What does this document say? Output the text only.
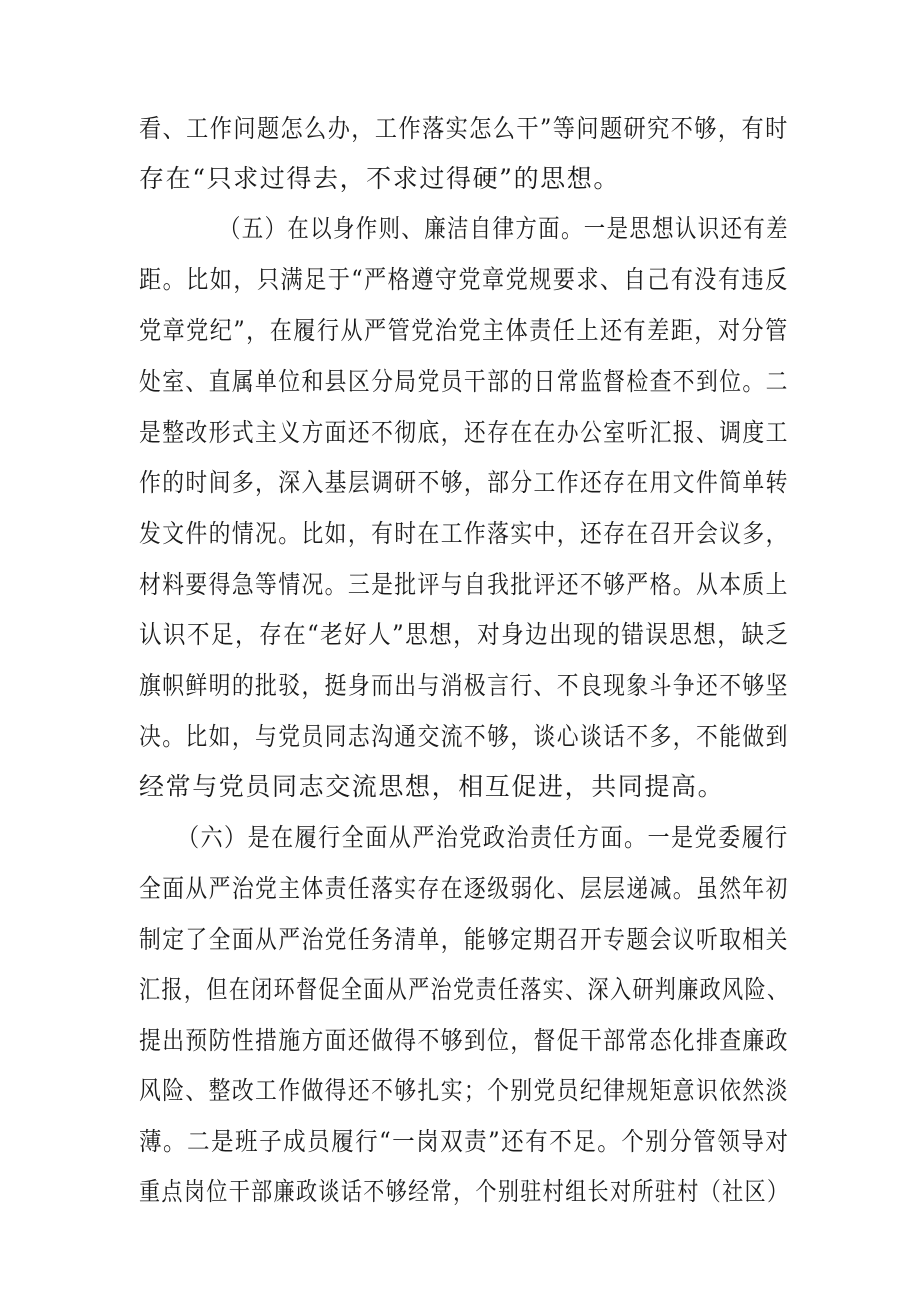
看、工作问题怎么办，工作落实怎么干”等问题研究不够，有时
存在“只求过得去，不求过得硬”的思想。
（五）在以身作则、廉洁自律方面。一是思想认识还有差
距。比如，只满足于“严格遵守党章党规要求、自己有没有违反
党章党纪”，在履行从严管党治党主体责任上还有差距，对分管
处室、直属单位和县区分局党员干部的日常监督检查不到位。二
是整改形式主义方面还不彻底，还存在在办公室听汇报、调度工
作的时间多，深入基层调研不够，部分工作还存在用文件简单转
发文件的情况。比如，有时在工作落实中，还存在召开会议多，
材料要得急等情况。三是批评与自我批评还不够严格。从本质上
认识不足，存在“老好人”思想，对身边出现的错误思想，缺乏
旗帜鲜明的批驳，挺身而出与消极言行、不良现象斗争还不够坚
决。比如，与党员同志沟通交流不够，谈心谈话不多，不能做到
经常与党员同志交流思想，相互促进，共同提高。
（六）是在履行全面从严治党政治责任方面。一是党委履行
全面从严治党主体责任落实存在逐级弱化、层层递减。虽然年初
制定了全面从严治党任务清单，能够定期召开专题会议听取相关
汇报，但在闭环督促全面从严治党责任落实、深入研判廉政风险、
提出预防性措施方面还做得不够到位，督促干部常态化排查廉政
风险、整改工作做得还不够扎实；个别党员纪律规矩意识依然淡
薄。二是班子成员履行“一岗双责”还有不足。个别分管领导对
重点岗位干部廉政谈话不够经常，个别驻村组长对所驻村（社区）
